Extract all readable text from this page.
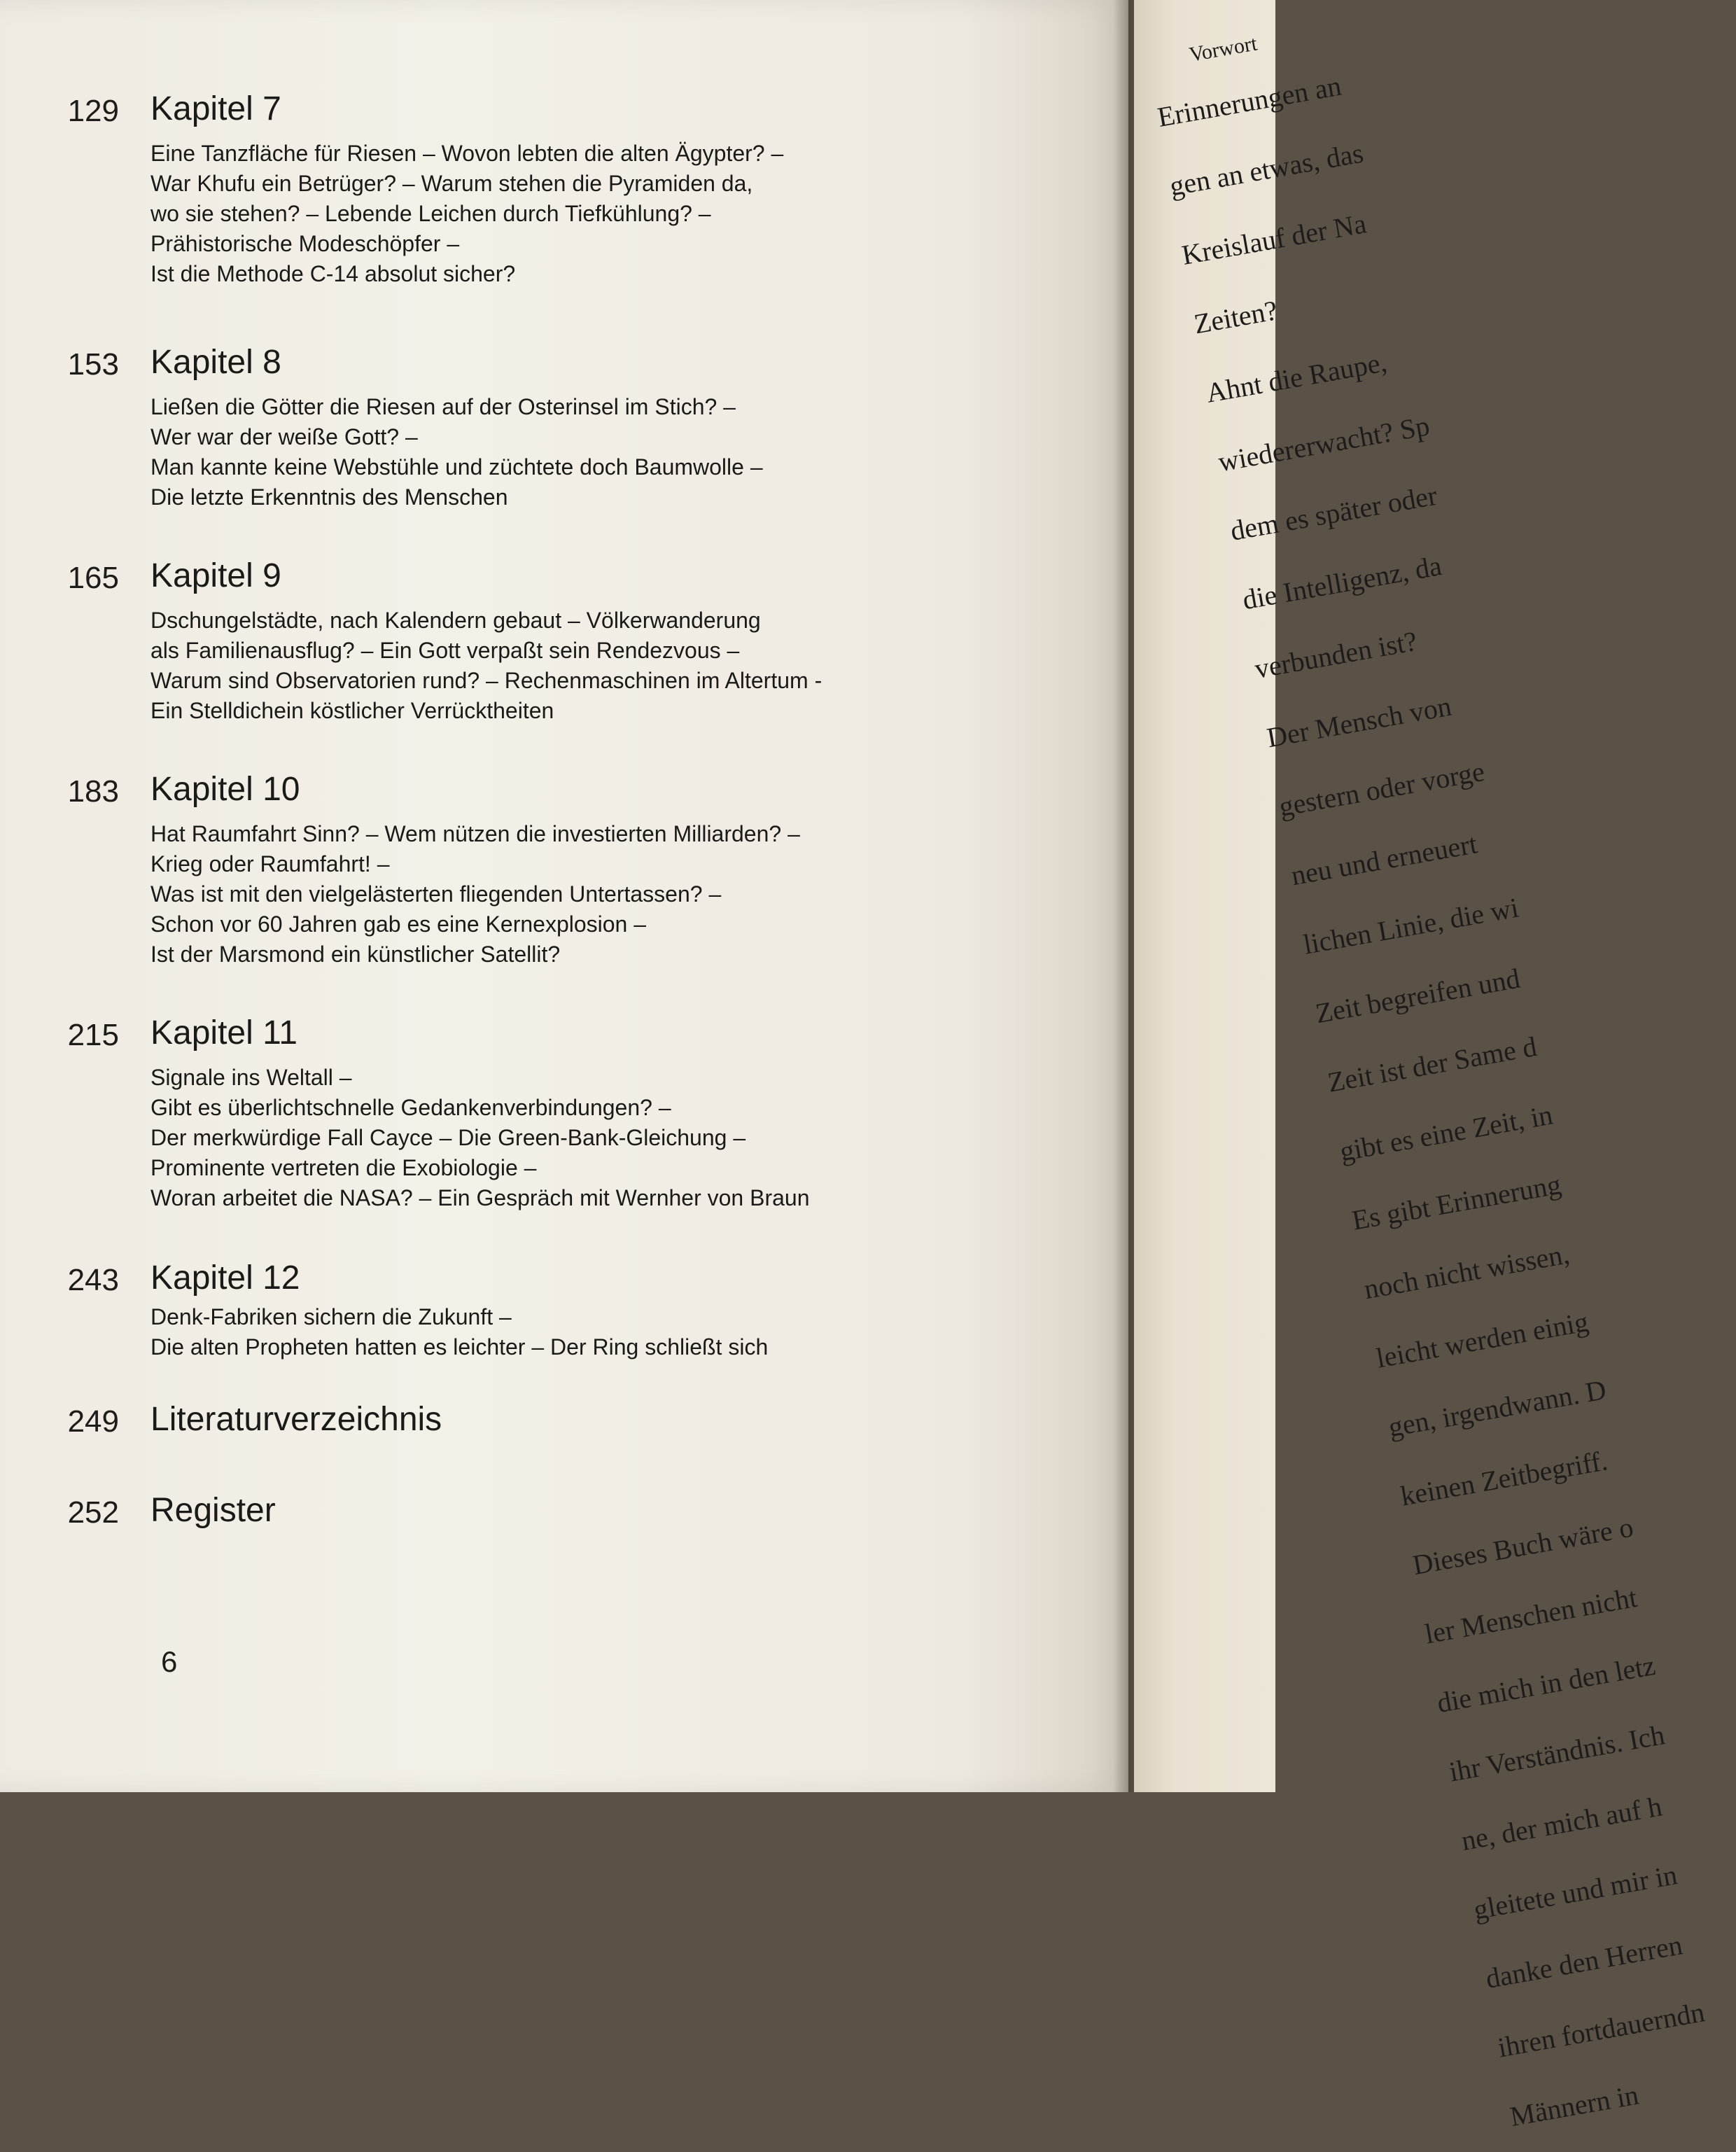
129 Kapitel 7
Eine Tanzfläche für Riesen – Wovon lebten die alten Ägypter? –
War Khufu ein Betrüger? – Warum stehen die Pyramiden da,
wo sie stehen? – Lebende Leichen durch Tiefkühlung? –
Prähistorische Modeschöpfer –
Ist die Methode C-14 absolut sicher?
153 Kapitel 8
Ließen die Götter die Riesen auf der Osterinsel im Stich? –
Wer war der weiße Gott? –
Man kannte keine Webstühle und züchtete doch Baumwolle –
Die letzte Erkenntnis des Menschen
165 Kapitel 9
Dschungelstädte, nach Kalendern gebaut – Völkerwanderung
als Familienausflug? – Ein Gott verpaßt sein Rendezvous –
Warum sind Observatorien rund? – Rechenmaschinen im Altertum -
Ein Stelldichein köstlicher Verrücktheiten
183 Kapitel 10
Hat Raumfahrt Sinn? – Wem nützen die investierten Milliarden? –
Krieg oder Raumfahrt! –
Was ist mit den vielgelästerten fliegenden Untertassen? –
Schon vor 60 Jahren gab es eine Kernexplosion –
Ist der Marsmond ein künstlicher Satellit?
215 Kapitel 11
Signale ins Weltall –
Gibt es überlichtschnelle Gedankenverbindungen? –
Der merkwürdige Fall Cayce – Die Green-Bank-Gleichung –
Prominente vertreten die Exobiologie –
Woran arbeitet die NASA? – Ein Gespräch mit Wernher von Braun
243 Kapitel 12
Denk-Fabriken sichern die Zukunft –
Die alten Propheten hatten es leichter – Der Ring schließt sich
249 Literaturverzeichnis
252 Register
6
Vorwort
Erinnerungen an
gen an etwas, das
Kreislauf der Na
Zeiten?
Ahnt die Raupe,
wiedererwacht? Sp
dem es später oder
die Intelligenz, da
verbunden ist?
Der Mensch von
gestern oder vorge
neu und erneuert
lichen Linie, die wi
Zeit begreifen und
Zeit ist der Same d
gibt es eine Zeit, in
Es gibt Erinnerung
noch nicht wissen,
leicht werden einig
gen, irgendwann. D
keinen Zeitbegriff.
Dieses Buch wäre o
ler Menschen nicht
die mich in den letz
ihr Verständnis. Ich
ne, der mich auf h
gleitete und mir in
danke den Herren
ihren fortdauerndn
Männern in
